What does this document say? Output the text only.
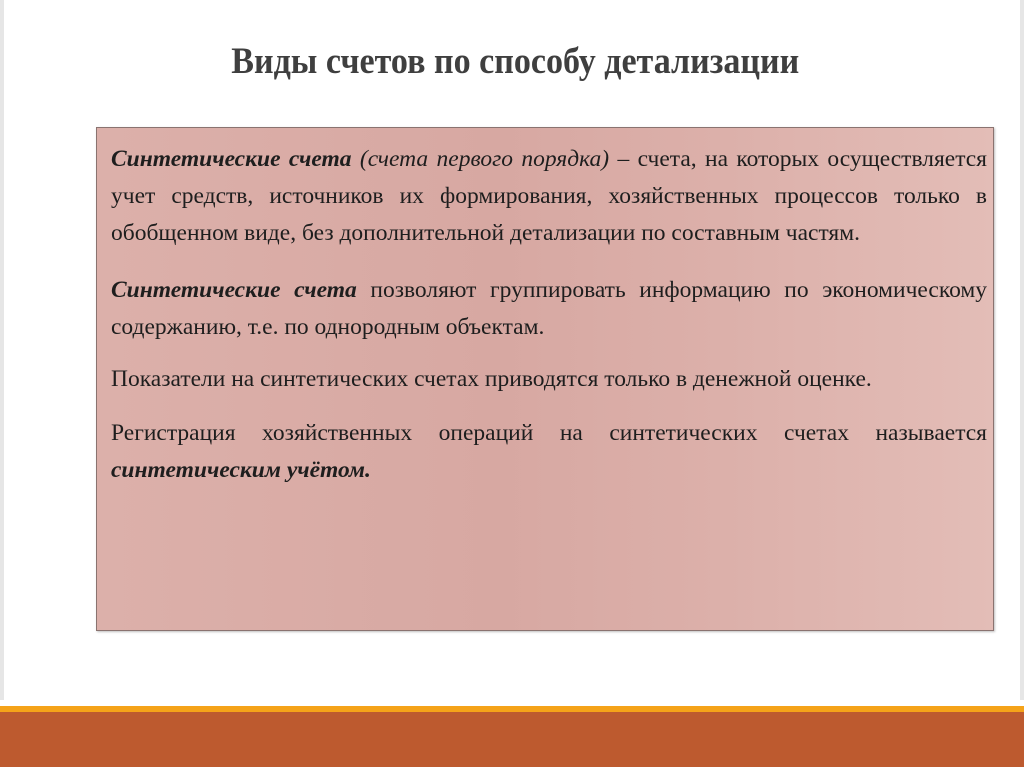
Виды счетов по способу детализации

Синтетические счета (счета первого порядка) – счета, на которых осуществляется учет средств, источников их формирования, хозяйственных процессов только в обобщенном виде, без дополнительной детализации по составным частям.

Синтетические счета позволяют группировать информацию по экономическому содержанию, т.е. по однородным объектам.

Показатели на синтетических счетах приводятся только в денежной оценке.

Регистрация хозяйственных операций на синтетических счетах называется синтетическим учётом.
